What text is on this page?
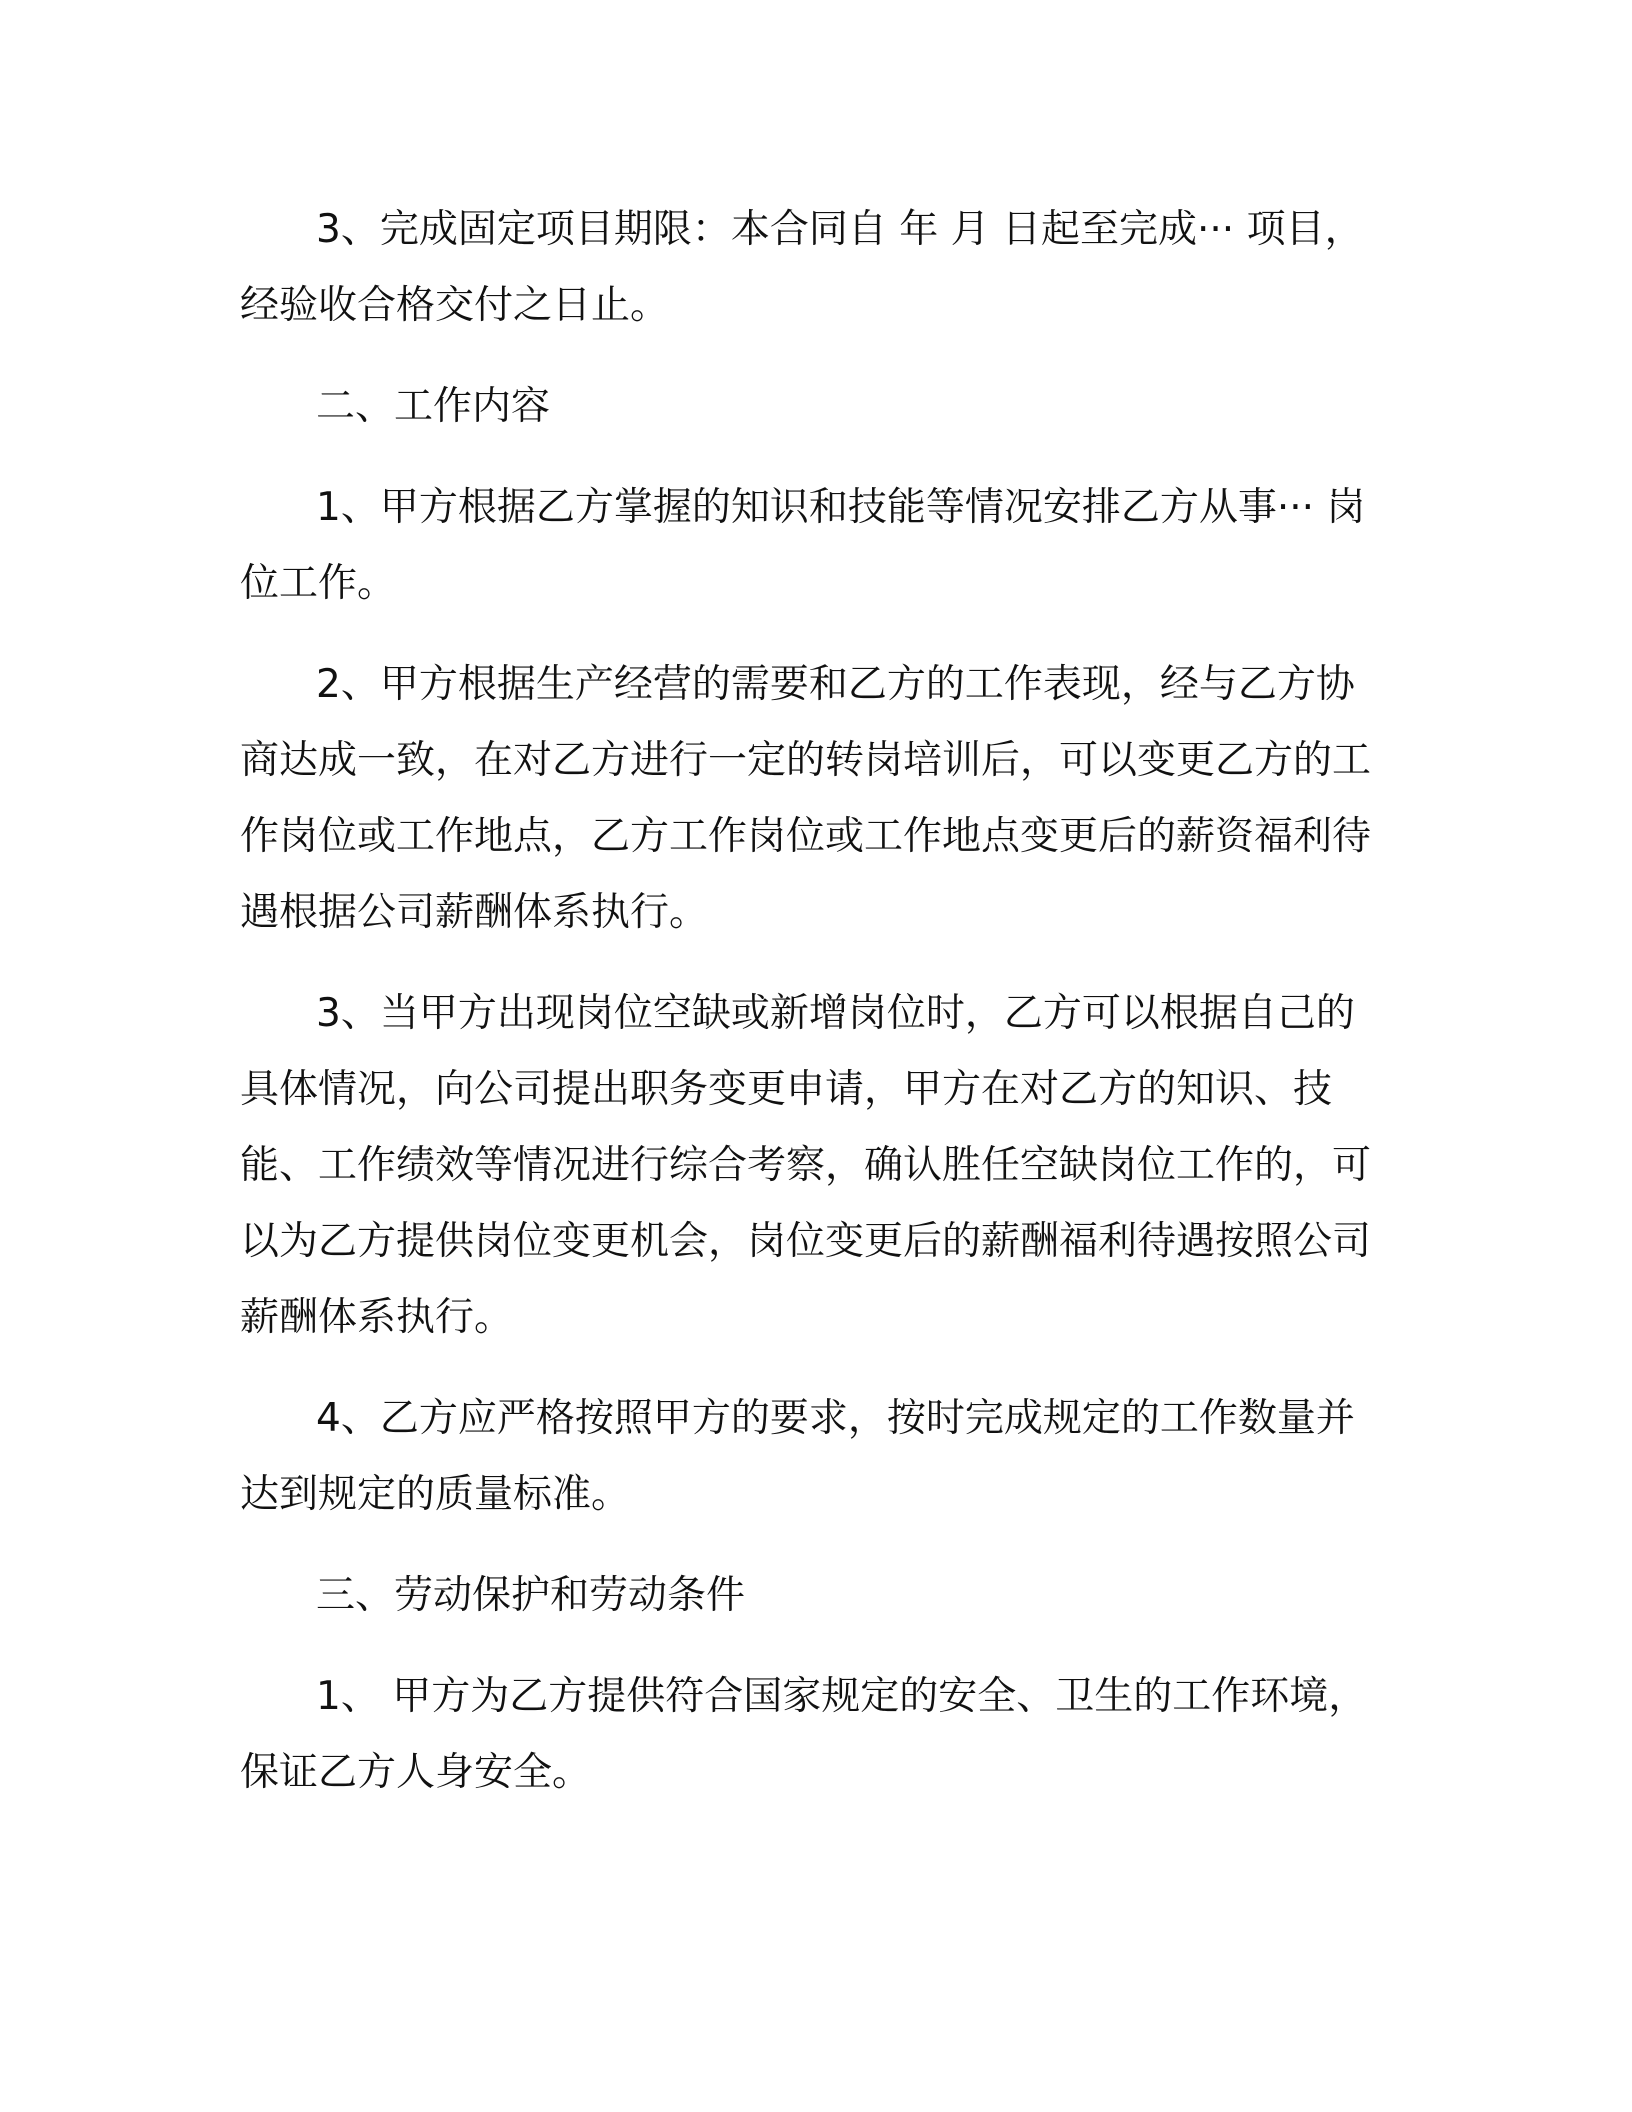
3、完成固定项目期限：本合同自 年 月 日起至完成··· 项目，经验收合格交付之日止。

二、工作内容

1、甲方根据乙方掌握的知识和技能等情况安排乙方从事··· 岗位工作。

2、甲方根据生产经营的需要和乙方的工作表现，经与乙方协商达成一致，在对乙方进行一定的转岗培训后，可以变更乙方的工作岗位或工作地点，乙方工作岗位或工作地点变更后的薪资福利待遇根据公司薪酬体系执行。

3、当甲方出现岗位空缺或新增岗位时，乙方可以根据自己的具体情况，向公司提出职务变更申请，甲方在对乙方的知识、技能、工作绩效等情况进行综合考察，确认胜任空缺岗位工作的，可以为乙方提供岗位变更机会，岗位变更后的薪酬福利待遇按照公司薪酬体系执行。

4、乙方应严格按照甲方的要求，按时完成规定的工作数量并达到规定的质量标准。

三、劳动保护和劳动条件

1、 甲方为乙方提供符合国家规定的安全、卫生的工作环境，保证乙方人身安全。
